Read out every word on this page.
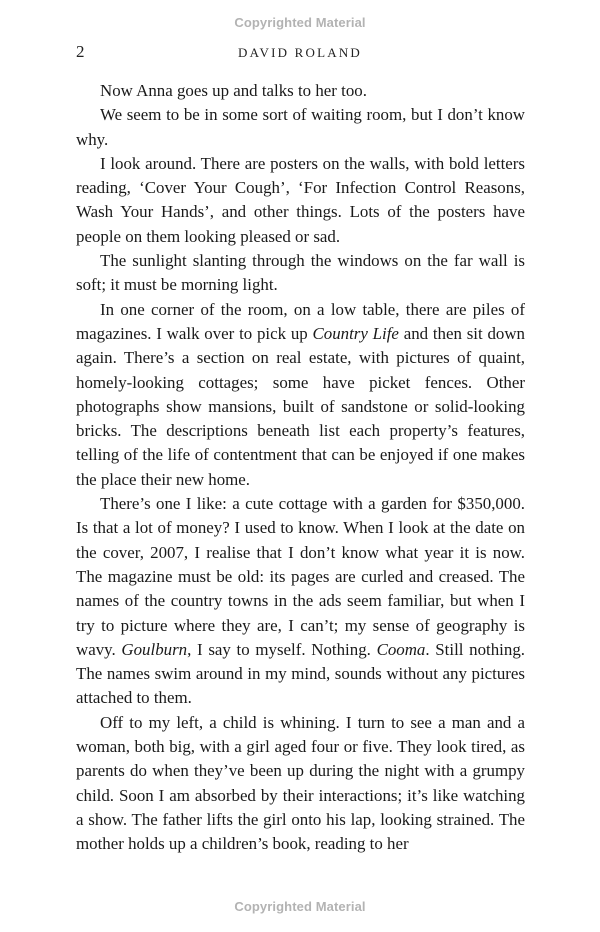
Copyrighted Material
2	DAVID ROLAND

Now Anna goes up and talks to her too.

We seem to be in some sort of waiting room, but I don’t know why.

I look around. There are posters on the walls, with bold letters reading, ‘Cover Your Cough’, ‘For Infection Control Reasons, Wash Your Hands’, and other things. Lots of the posters have people on them looking pleased or sad.

The sunlight slanting through the windows on the far wall is soft; it must be morning light.

In one corner of the room, on a low table, there are piles of magazines. I walk over to pick up Country Life and then sit down again. There’s a section on real estate, with pictures of quaint, homely-looking cottages; some have picket fences. Other photographs show mansions, built of sandstone or solid-looking bricks. The descriptions beneath list each property’s features, telling of the life of contentment that can be enjoyed if one makes the place their new home.

There’s one I like: a cute cottage with a garden for $350,000. Is that a lot of money? I used to know. When I look at the date on the cover, 2007, I realise that I don’t know what year it is now. The magazine must be old: its pages are curled and creased. The names of the country towns in the ads seem familiar, but when I try to picture where they are, I can’t; my sense of geography is wavy. Goulburn, I say to myself. Nothing. Cooma. Still nothing. The names swim around in my mind, sounds without any pictures attached to them.

Off to my left, a child is whining. I turn to see a man and a woman, both big, with a girl aged four or five. They look tired, as parents do when they’ve been up during the night with a grumpy child. Soon I am absorbed by their interactions; it’s like watching a show. The father lifts the girl onto his lap, looking strained. The mother holds up a children’s book, reading to her

Copyrighted Material
